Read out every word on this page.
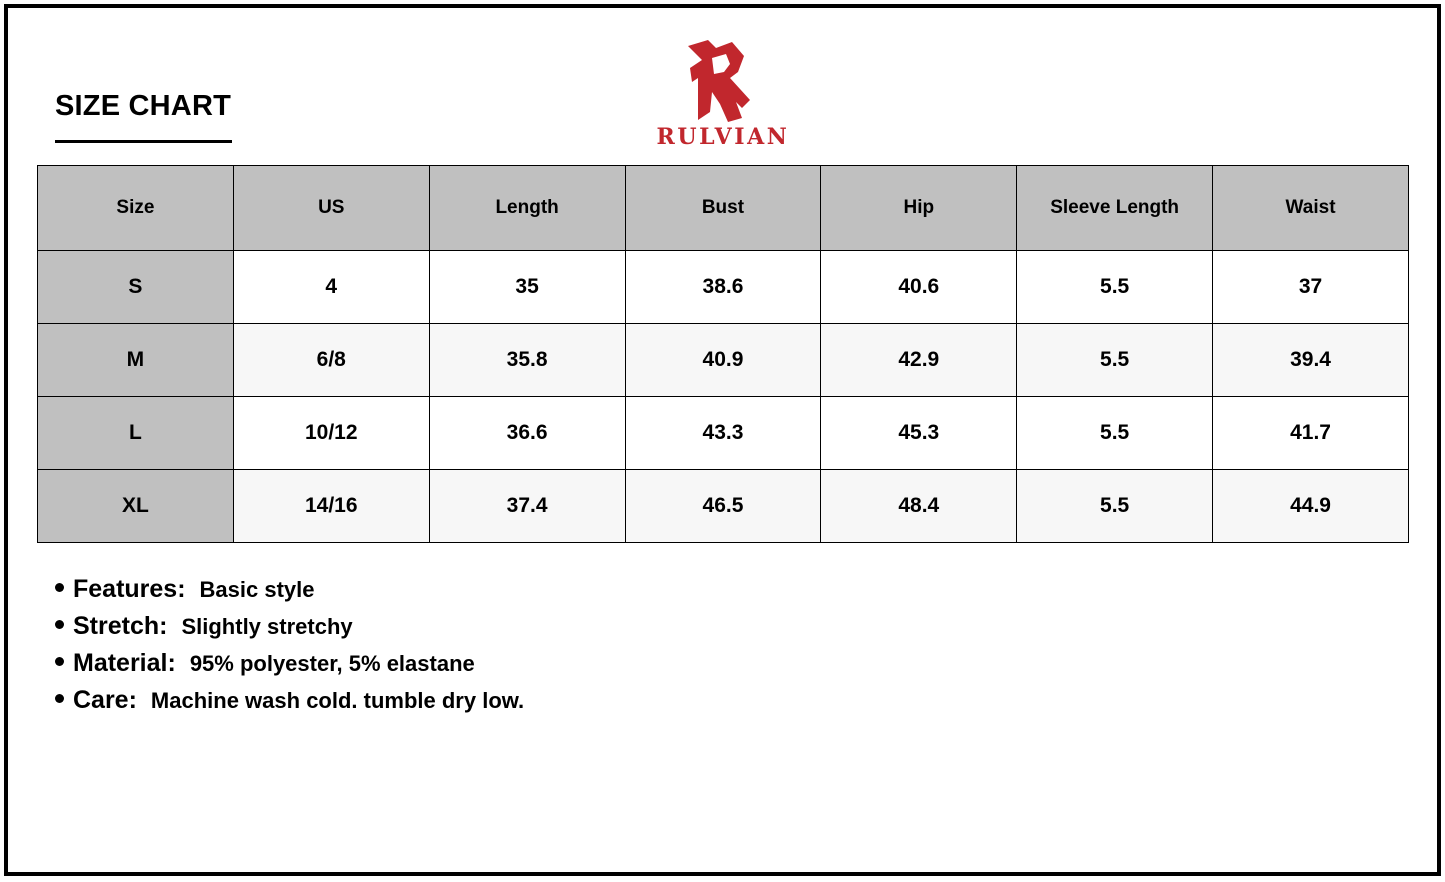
SIZE CHART
RULVIAN
Size	US	Length	Bust	Hip	Sleeve Length	Waist
S	4	35	38.6	40.6	5.5	37
M	6/8	35.8	40.9	42.9	5.5	39.4
L	10/12	36.6	43.3	45.3	5.5	41.7
XL	14/16	37.4	46.5	48.4	5.5	44.9
Features: Basic style
Stretch: Slightly stretchy
Material: 95% polyester, 5% elastane
Care: Machine wash cold. tumble dry low.
